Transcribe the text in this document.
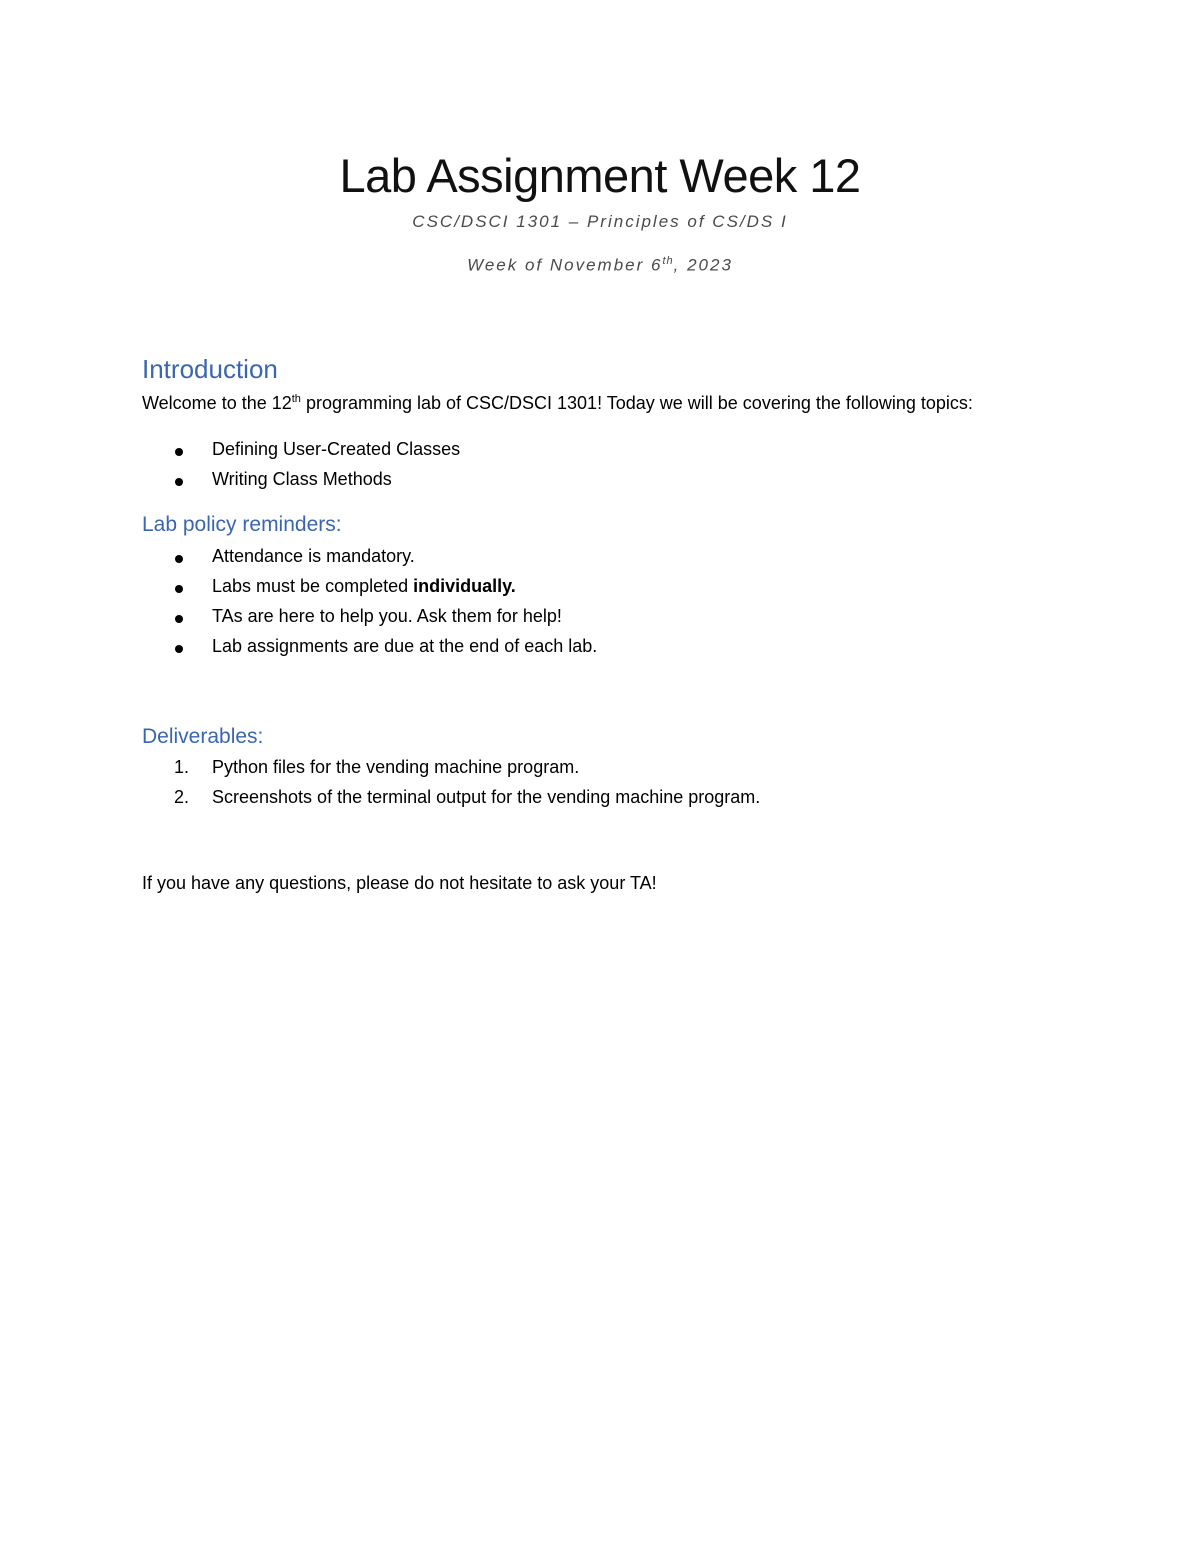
Lab Assignment Week 12

CSC/DSCI 1301 – Principles of CS/DS I

Week of November 6th, 2023

Introduction

Welcome to the 12th programming lab of CSC/DSCI 1301! Today we will be covering the following topics:

Defining User-Created Classes
Writing Class Methods
Lab policy reminders:
Attendance is mandatory.
Labs must be completed individually.
TAs are here to help you. Ask them for help!
Lab assignments are due at the end of each lab.
Deliverables:
1.	Python files for the vending machine program.
2.	Screenshots of the terminal output for the vending machine program.

If you have any questions, please do not hesitate to ask your TA!
